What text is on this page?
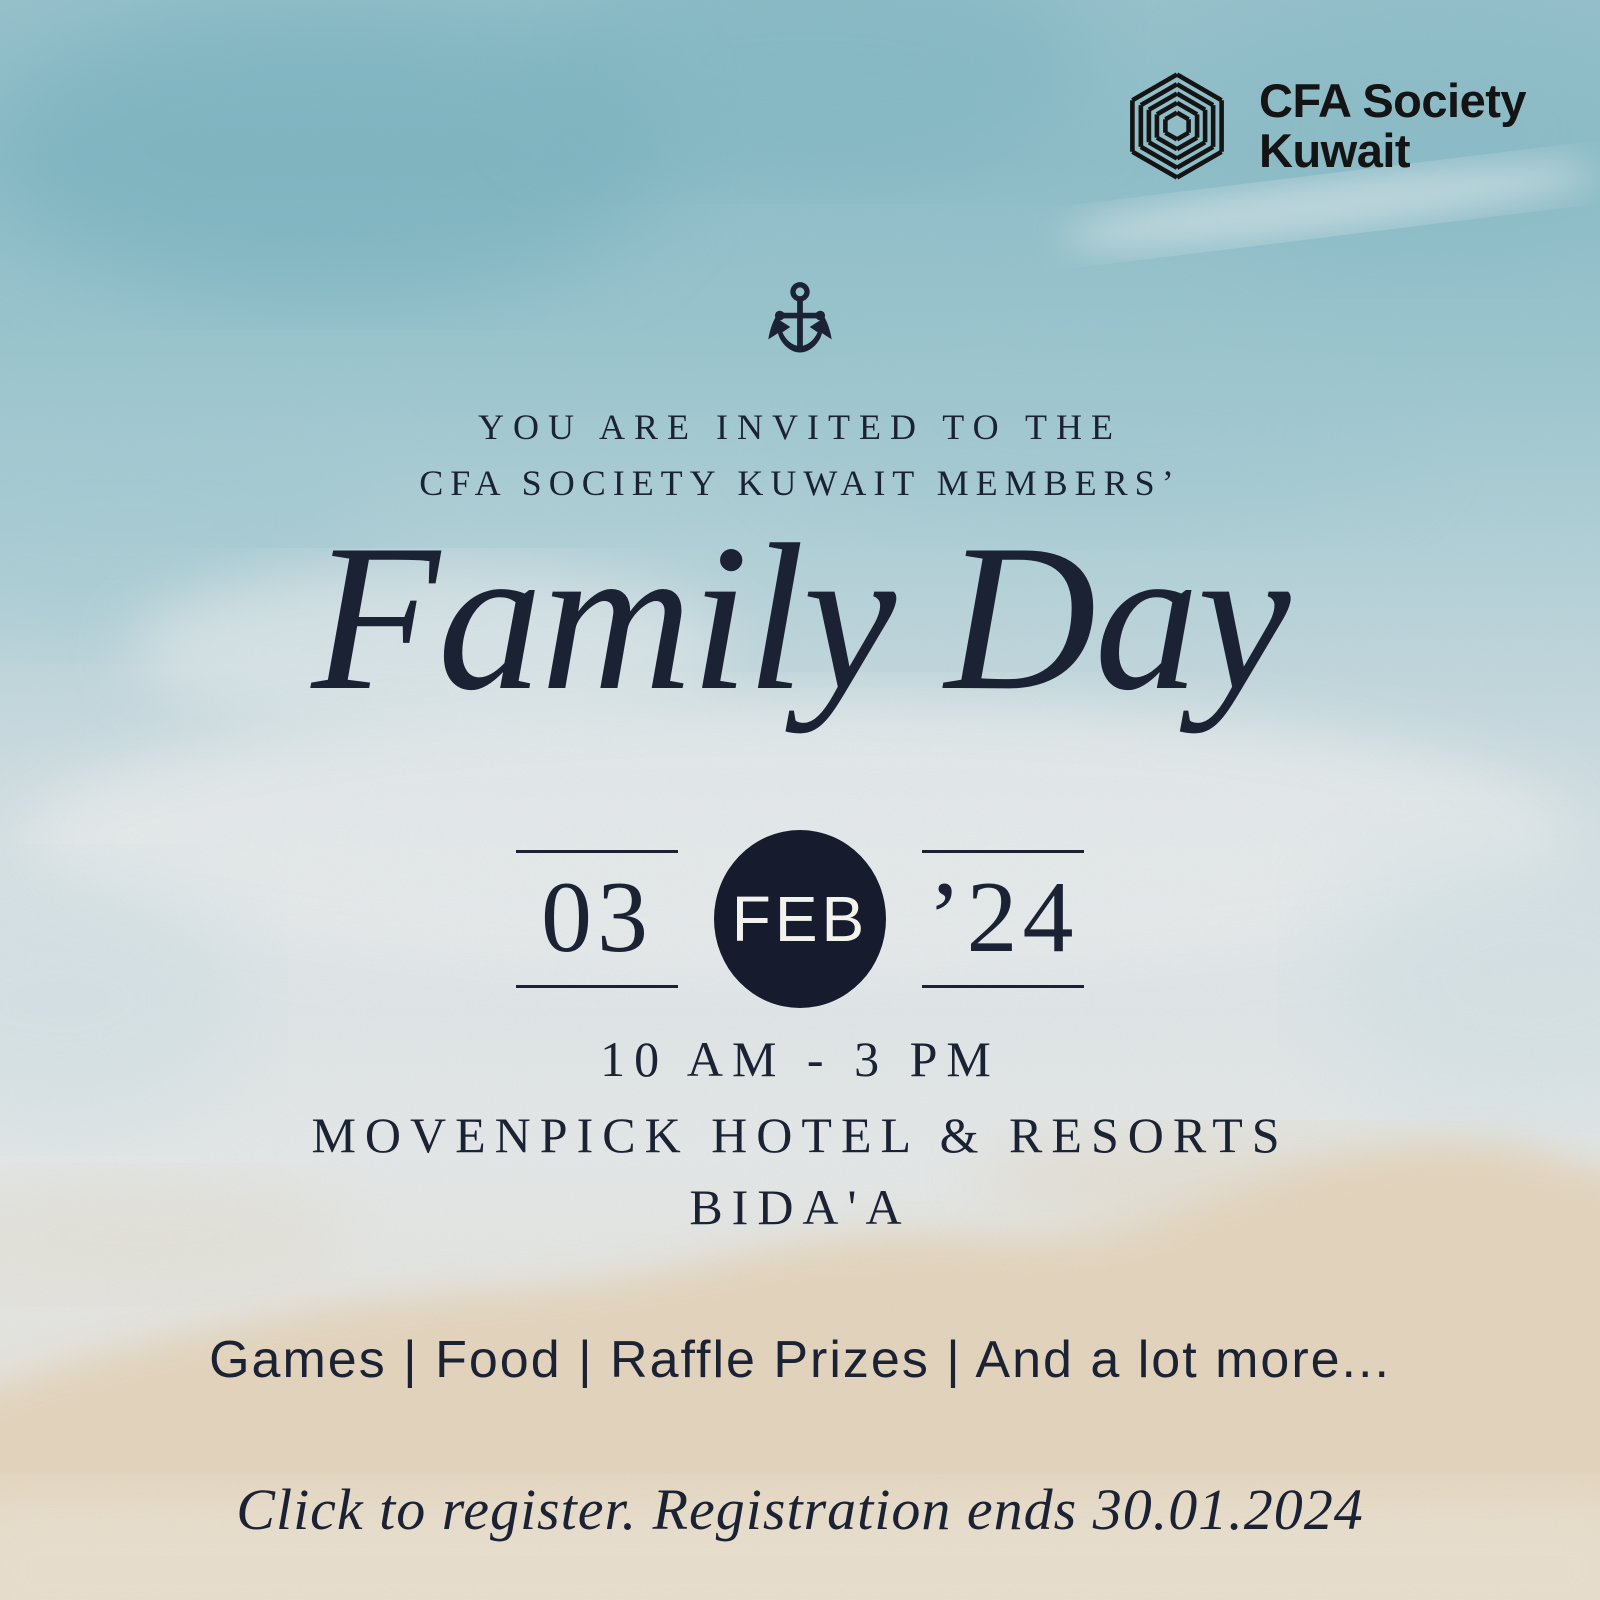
CFA Society
Kuwait
YOU ARE INVITED TO THE
CFA SOCIETY KUWAIT MEMBERS’
Family Day
03 FEB ’24
10 AM - 3 PM
MOVENPICK HOTEL & RESORTS
BIDA'A
Games | Food | Raffle Prizes | And a lot more...
Click to register. Registration ends 30.01.2024
